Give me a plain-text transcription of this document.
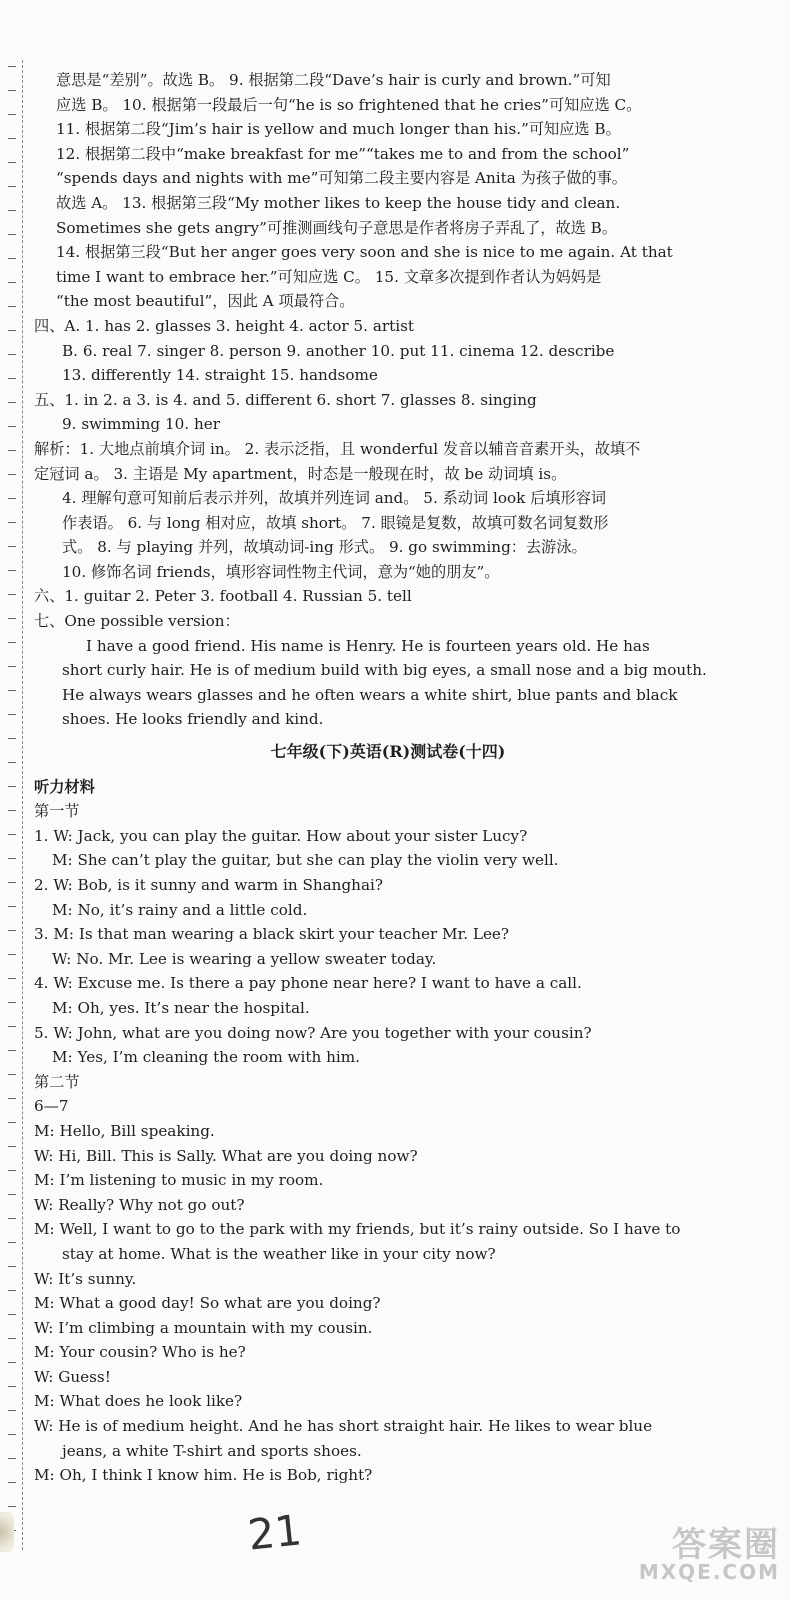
意思是“差别”。故选 B。 9. 根据第二段“Dave’s hair is curly and brown.”可知
应选 B。 10. 根据第一段最后一句“he is so frightened that he cries”可知应选 C。
11. 根据第二段“Jim’s hair is yellow and much longer than his.”可知应选 B。
12. 根据第二段中“make breakfast for me”“takes me to and from the school”
“spends days and nights with me”可知第二段主要内容是 Anita 为孩子做的事。
故选 A。 13. 根据第三段“My mother likes to keep the house tidy and clean.
Sometimes she gets angry”可推测画线句子意思是作者将房子弄乱了，故选 B。
14. 根据第三段“But her anger goes very soon and she is nice to me again. At that
time I want to embrace her.”可知应选 C。 15. 文章多次提到作者认为妈妈是
“the most beautiful”，因此 A 项最符合。
四、A. 1. has 2. glasses 3. height 4. actor 5. artist
B. 6. real 7. singer 8. person 9. another 10. put 11. cinema 12. describe
13. differently 14. straight 15. handsome
五、1. in 2. a 3. is 4. and 5. different 6. short 7. glasses 8. singing
9. swimming 10. her
解析：1. 大地点前填介词 in。 2. 表示泛指，且 wonderful 发音以辅音音素开头，故填不
定冠词 a。 3. 主语是 My apartment，时态是一般现在时，故 be 动词填 is。
4. 理解句意可知前后表示并列，故填并列连词 and。 5. 系动词 look 后填形容词
作表语。 6. 与 long 相对应，故填 short。 7. 眼镜是复数，故填可数名词复数形
式。 8. 与 playing 并列，故填动词-ing 形式。 9. go swimming：去游泳。
10. 修饰名词 friends，填形容词性物主代词，意为“她的朋友”。
六、1. guitar 2. Peter 3. football 4. Russian 5. tell
七、One possible version：
I have a good friend. His name is Henry. He is fourteen years old. He has
short curly hair. He is of medium build with big eyes, a small nose and a big mouth.
He always wears glasses and he often wears a white shirt, blue pants and black
shoes. He looks friendly and kind.
七年级(下)英语(R)测试卷(十四)
听力材料
第一节
1. W: Jack, you can play the guitar. How about your sister Lucy?
M: She can’t play the guitar, but she can play the violin very well.
2. W: Bob, is it sunny and warm in Shanghai?
M: No, it’s rainy and a little cold.
3. M: Is that man wearing a black skirt your teacher Mr. Lee?
W: No. Mr. Lee is wearing a yellow sweater today.
4. W: Excuse me. Is there a pay phone near here? I want to have a call.
M: Oh, yes. It’s near the hospital.
5. W: John, what are you doing now? Are you together with your cousin?
M: Yes, I’m cleaning the room with him.
第二节
6—7
M: Hello, Bill speaking.
W: Hi, Bill. This is Sally. What are you doing now?
M: I’m listening to music in my room.
W: Really? Why not go out?
M: Well, I want to go to the park with my friends, but it’s rainy outside. So I have to
stay at home. What is the weather like in your city now?
W: It’s sunny.
M: What a good day! So what are you doing?
W: I’m climbing a mountain with my cousin.
M: Your cousin? Who is he?
W: Guess!
M: What does he look like?
W: He is of medium height. And he has short straight hair. He likes to wear blue
jeans, a white T-shirt and sports shoes.
M: Oh, I think I know him. He is Bob, right?
21	答案圈
MXQE.COM
